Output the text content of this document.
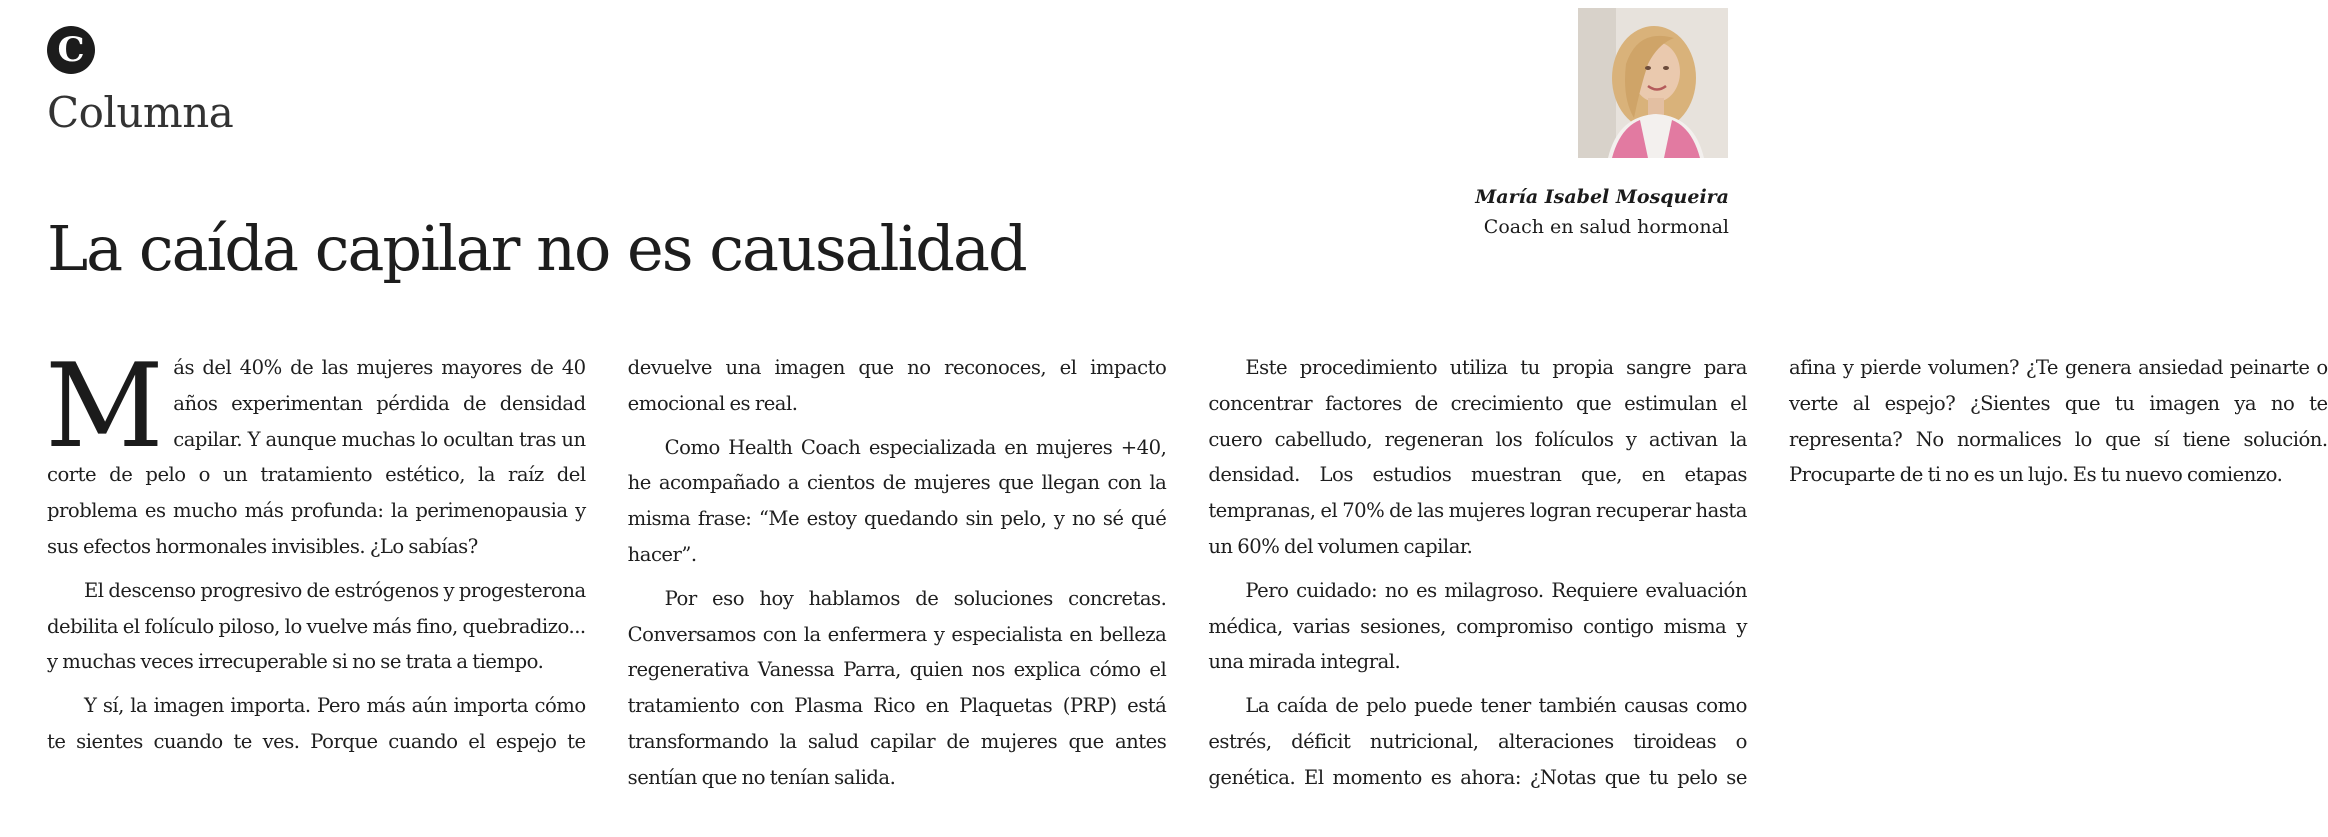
C
Columna
La caída capilar no es causalidad
María Isabel Mosqueira
Coach en salud hormonal

Más del 40% de las mujeres mayores de 40 años experimentan pérdida de densidad capilar. Y aunque muchas lo ocultan tras un corte de pelo o un tratamiento estético, la raíz del problema es mucho más profunda: la perimenopausia y sus efectos hormonales invisibles. ¿Lo sabías?

El descenso progresivo de estrógenos y progesterona debilita el folículo piloso, lo vuelve más fino, quebradizo... y muchas veces irrecuperable si no se trata a tiempo.

Y sí, la imagen importa. Pero más aún importa cómo te sientes cuando te ves. Porque cuando el espejo te devuelve una imagen que no reconoces, el impacto emocional es real.

Como Health Coach especializada en mujeres +40, he acompañado a cientos de mujeres que llegan con la misma frase: “Me estoy quedando sin pelo, y no sé qué hacer”.

Por eso hoy hablamos de soluciones concretas. Conversamos con la enfermera y especialista en belleza regenerativa Vanessa Parra, quien nos explica cómo el tratamiento con Plasma Rico en Plaquetas (PRP) está transformando la salud capilar de mujeres que antes sentían que no tenían salida.

Este procedimiento utiliza tu propia sangre para concentrar factores de crecimiento que estimulan el cuero cabelludo, regeneran los folículos y activan la densidad. Los estudios muestran que, en etapas tempranas, el 70% de las mujeres logran recuperar hasta un 60% del volumen capilar.

Pero cuidado: no es milagroso. Requiere evaluación médica, varias sesiones, compromiso contigo misma y una mirada integral.

La caída de pelo puede tener también causas como estrés, déficit nutricional, alteraciones tiroideas o genética. El momento es ahora: ¿Notas que tu pelo se afina y pierde volumen? ¿Te genera ansiedad peinarte o verte al espejo? ¿Sientes que tu imagen ya no te representa? No normalices lo que sí tiene solución. Procuparte de ti no es un lujo. Es tu nuevo comienzo.
